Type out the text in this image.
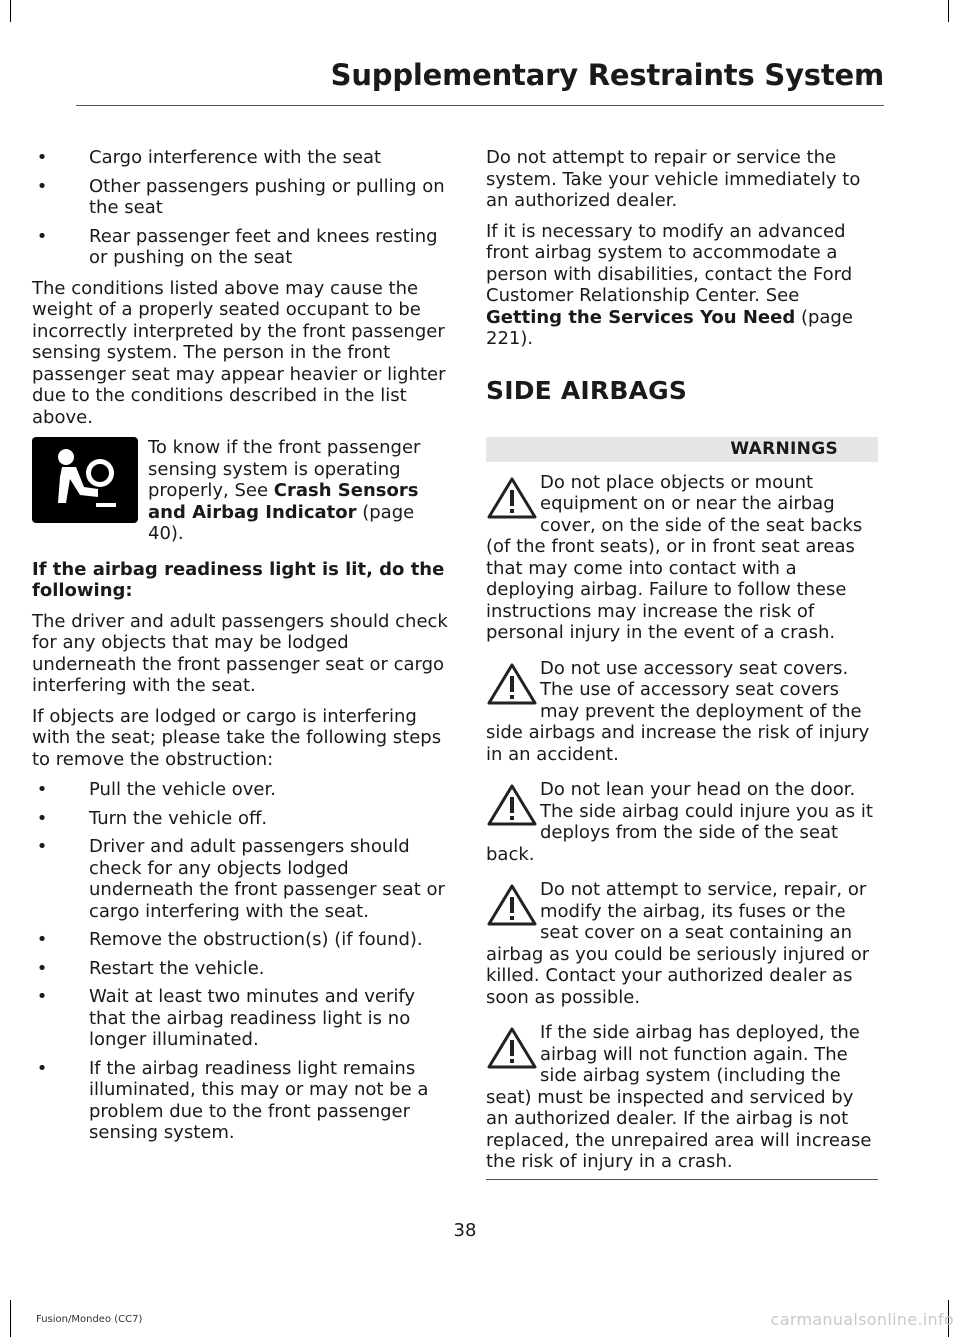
Supplementary Restraints System
• Cargo interference with the seat
• Other passengers pushing or pulling on the seat
• Rear passenger feet and knees resting or pushing on the seat

The conditions listed above may cause the weight of a properly seated occupant to be incorrectly interpreted by the front passenger sensing system. The person in the front passenger seat may appear heavier or lighter due to the conditions described in the list above.

To know if the front passenger sensing system is operating properly, See Crash Sensors and Airbag Indicator (page 40).

If the airbag readiness light is lit, do the following:

The driver and adult passengers should check for any objects that may be lodged underneath the front passenger seat or cargo interfering with the seat.

If objects are lodged or cargo is interfering with the seat; please take the following steps to remove the obstruction:

• Pull the vehicle over.
• Turn the vehicle off.
• Driver and adult passengers should check for any objects lodged underneath the front passenger seat or cargo interfering with the seat.
• Remove the obstruction(s) (if found).
• Restart the vehicle.
• Wait at least two minutes and verify that the airbag readiness light is no longer illuminated.
• If the airbag readiness light remains illuminated, this may or may not be a problem due to the front passenger sensing system.

Do not attempt to repair or service the system. Take your vehicle immediately to an authorized dealer.

If it is necessary to modify an advanced front airbag system to accommodate a person with disabilities, contact the Ford Customer Relationship Center. See Getting the Services You Need (page 221).

SIDE AIRBAGS
WARNINGS
Do not place objects or mount equipment on or near the airbag cover, on the side of the seat backs (of the front seats), or in front seat areas that may come into contact with a deploying airbag. Failure to follow these instructions may increase the risk of personal injury in the event of a crash.
Do not use accessory seat covers. The use of accessory seat covers may prevent the deployment of the side airbags and increase the risk of injury in an accident.
Do not lean your head on the door. The side airbag could injure you as it deploys from the side of the seat back.
Do not attempt to service, repair, or modify the airbag, its fuses or the seat cover on a seat containing an airbag as you could be seriously injured or killed. Contact your authorized dealer as soon as possible.
If the side airbag has deployed, the airbag will not function again. The side airbag system (including the seat) must be inspected and serviced by an authorized dealer. If the airbag is not replaced, the unrepaired area will increase the risk of injury in a crash.
38
Fusion/Mondeo (CC7)	carmanualsonline.info
